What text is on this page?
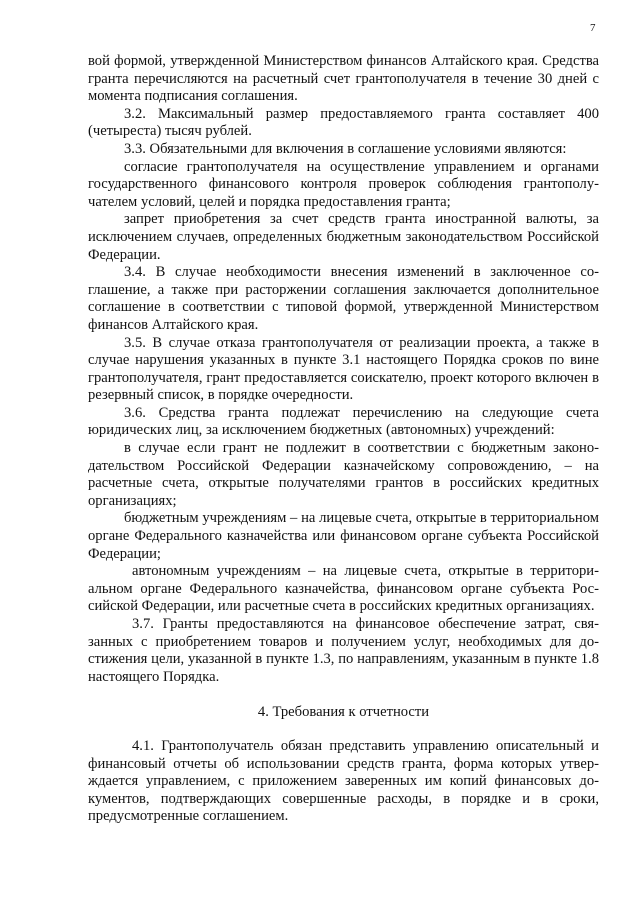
7

вой формой, утвержденной Министерством финансов Алтайского края. Средства гранта перечисляются на расчетный счет грантополучателя в течение 30 дней с момента подписания соглашения.

3.2. Максимальный размер предоставляемого гранта составляет 400 (четыреста) тысяч рублей.

3.3. Обязательными для включения в соглашение условиями являются:

согласие грантополучателя на осуществление управлением и органами государственного финансового контроля проверок соблюдения грантополучателем условий, целей и порядка предоставления гранта;

запрет приобретения за счет средств гранта иностранной валюты, за исключением случаев, определенных бюджетным законодательством Российской Федерации.

3.4. В случае необходимости внесения изменений в заключенное соглашение, а также при расторжении соглашения заключается дополнительное соглашение в соответствии с типовой формой, утвержденной Министерством финансов Алтайского края.

3.5. В случае отказа грантополучателя от реализации проекта, а также в случае нарушения указанных в пункте 3.1 настоящего Порядка сроков по вине грантополучателя, грант предоставляется соискателю, проект которого включен в резервный список, в порядке очередности.

3.6. Средства гранта подлежат перечислению на следующие счета юридических лиц, за исключением бюджетных (автономных) учреждений:

в случае если грант не подлежит в соответствии с бюджетным законодательством Российской Федерации казначейскому сопровождению, – на расчетные счета, открытые получателями грантов в российских кредитных организациях;

бюджетным учреждениям – на лицевые счета, открытые в территориальном органе Федерального казначейства или финансовом органе субъекта Российской Федерации;

автономным учреждениям – на лицевые счета, открытые в территориальном органе Федерального казначейства, финансовом органе субъекта Российской Федерации, или расчетные счета в российских кредитных организациях.

3.7. Гранты предоставляются на финансовое обеспечение затрат, связанных с приобретением товаров и получением услуг, необходимых для достижения цели, указанной в пункте 1.3, по направлениям, указанным в пункте 1.8 настоящего Порядка.

4. Требования к отчетности

4.1. Грантополучатель обязан представить управлению описательный и финансовый отчеты об использовании средств гранта, форма которых утверждается управлением, с приложением заверенных им копий финансовых документов, подтверждающих совершенные расходы, в порядке и в сроки, предусмотренные соглашением.
